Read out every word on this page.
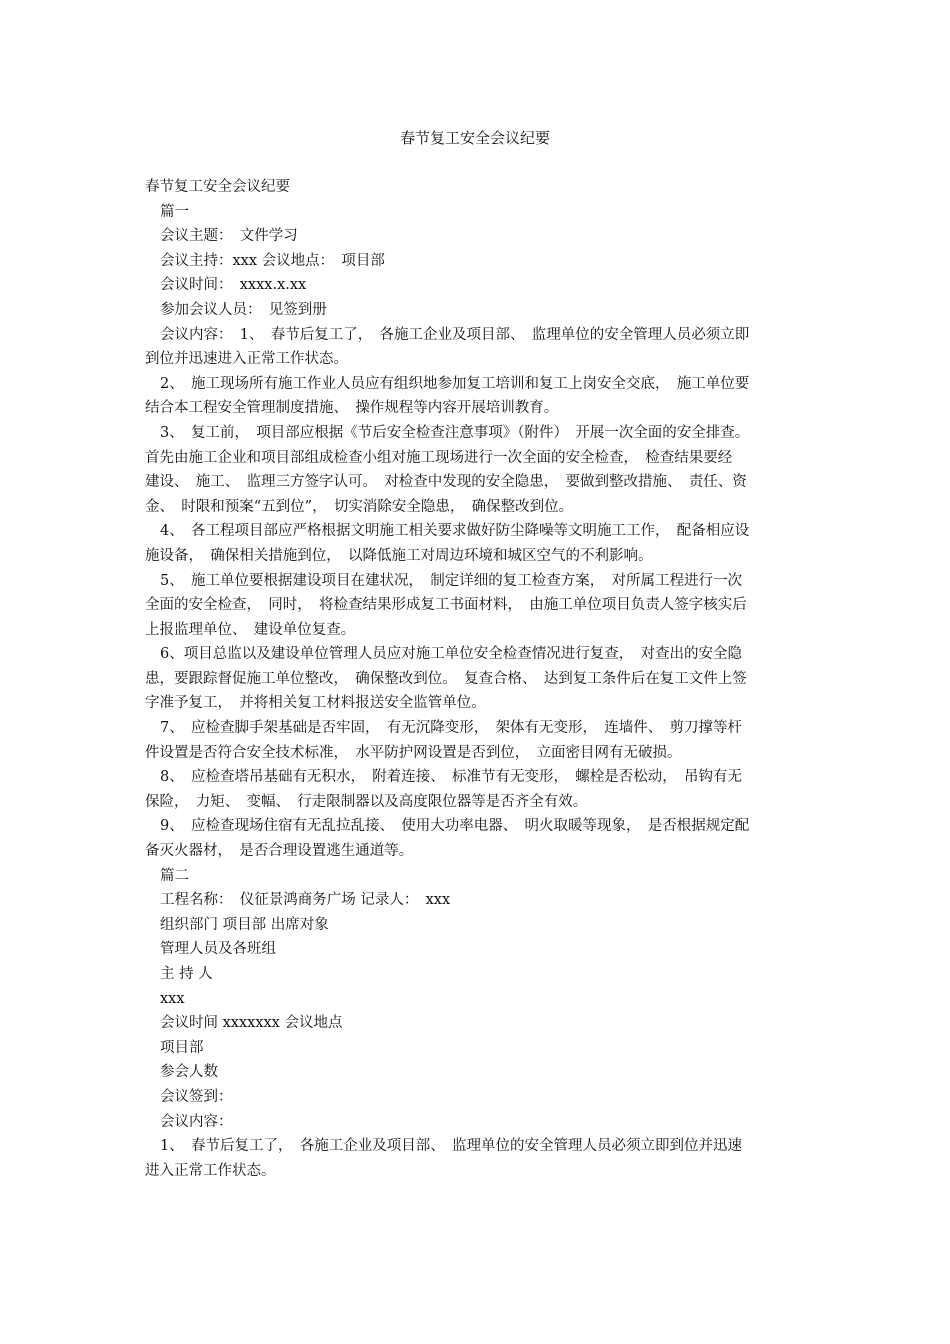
春节复工安全会议纪要

春节复工安全会议纪要

篇一

会议主题：　文件学习

会议主持：xxx 会议地点：　项目部

会议时间：　xxxx.x.xx

参加会议人员：　见签到册

会议内容：　1、　春节后复工了，　各施工企业及项目部、　监理单位的安全管理人员必须立即

到位并迅速进入正常工作状态。

2、　施工现场所有施工作业人员应有组织地参加复工培训和复工上岗安全交底，　施工单位要

结合本工程安全管理制度措施、　操作规程等内容开展培训教育。

3、　复工前，　项目部应根据《节后安全检查注意事项》（附件）　开展一次全面的安全排查。

首先由施工企业和项目部组成检查小组对施工现场进行一次全面的安全检查，　检查结果要经

建设、　施工、　监理三方签字认可。　对检查中发现的安全隐患，　要做到整改措施、　责任、资

金、　时限和预案“五到位”，　切实消除安全隐患，　确保整改到位。

4、　各工程项目部应严格根据文明施工相关要求做好防尘降噪等文明施工工作，　配备相应设

施设备，　确保相关措施到位，　以降低施工对周边环境和城区空气的不利影响。

5、　施工单位要根据建设项目在建状况，　制定详细的复工检查方案，　对所属工程进行一次

全面的安全检查，　同时，　将检查结果形成复工书面材料，　由施工单位项目负责人签字核实后

上报监理单位、　建设单位复查。

6、项目总监以及建设单位管理人员应对施工单位安全检查情况进行复查，　对查出的安全隐

患，要跟踪督促施工单位整改，　确保整改到位。　复查合格、　达到复工条件后在复工文件上签

字准予复工，　并将相关复工材料报送安全监管单位。

7、　应检查脚手架基础是否牢固，　有无沉降变形，　架体有无变形，　连墙件、　剪刀撑等杆

件设置是否符合安全技术标准，　水平防护网设置是否到位，　立面密目网有无破损。

8、　应检查塔吊基础有无积水，　附着连接、　标准节有无变形，　螺栓是否松动，　吊钩有无

保险，　力矩、　变幅、　行走限制器以及高度限位器等是否齐全有效。

9、　应检查现场住宿有无乱拉乱接、　使用大功率电器、　明火取暖等现象，　是否根据规定配

备灭火器材，　是否合理设置逃生通道等。

篇二

工程名称：　仪征景鸿商务广场 记录人：　xxx

组织部门 项目部 出席对象

管理人员及各班组

主 持 人

xxx

会议时间 xxxxxxx 会议地点

项目部

参会人数

会议签到：

会议内容：

1、　春节后复工了，　各施工企业及项目部、　监理单位的安全管理人员必须立即到位并迅速

进入正常工作状态。
